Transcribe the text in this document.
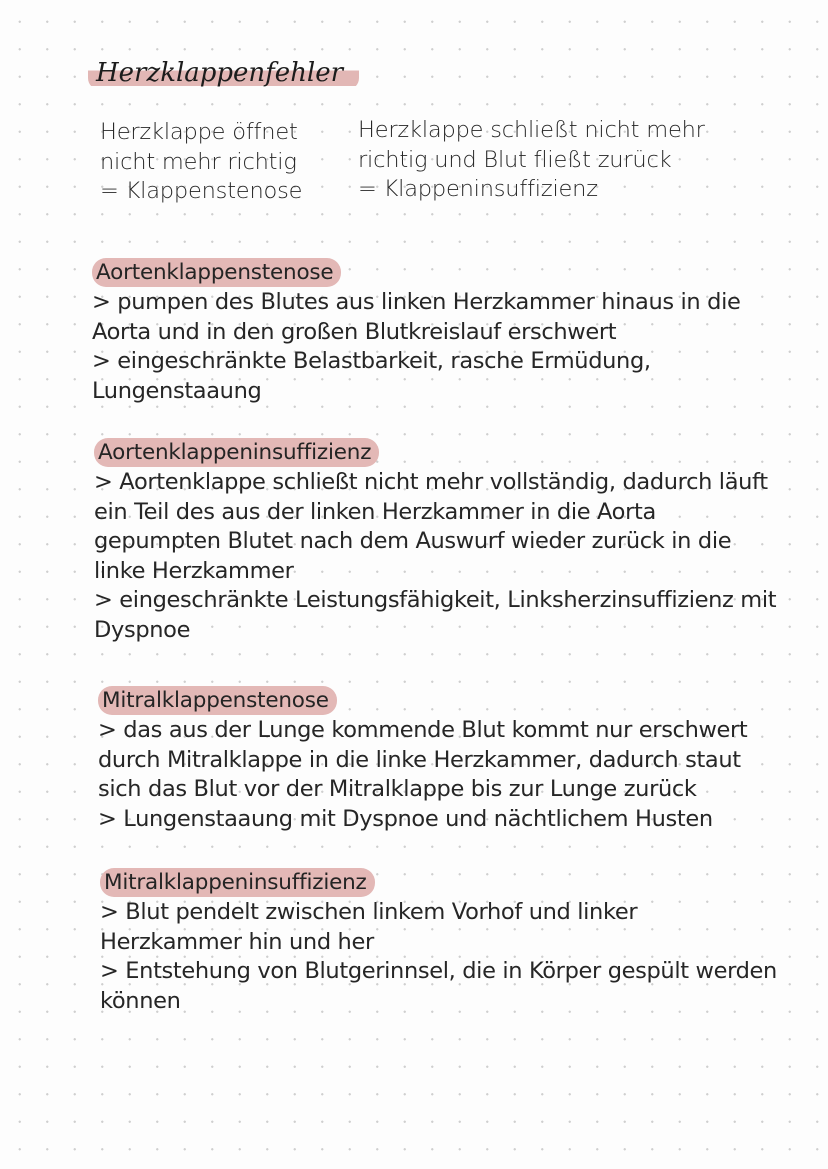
Herzklappenfehler
Herzklappe öffnet
nicht mehr richtig
= Klappenstenose
Herzklappe schließt nicht mehr
richtig und Blut fließt zurück
= Klappeninsuffizienz
Aortenklappenstenose
> pumpen des Blutes aus linken Herzkammer hinaus in die
Aorta und in den großen Blutkreislauf erschwert
> eingeschränkte Belastbarkeit, rasche Ermüdung,
Lungenstaaung
Aortenklappeninsuffizienz
> Aortenklappe schließt nicht mehr vollständig, dadurch läuft
ein Teil des aus der linken Herzkammer in die Aorta
gepumpten Blutet nach dem Auswurf wieder zurück in die
linke Herzkammer
> eingeschränkte Leistungsfähigkeit, Linksherzinsuffizienz mit
Dyspnoe
Mitralklappenstenose
> das aus der Lunge kommende Blut kommt nur erschwert
durch Mitralklappe in die linke Herzkammer, dadurch staut
sich das Blut vor der Mitralklappe bis zur Lunge zurück
> Lungenstaaung mit Dyspnoe und nächtlichem Husten
Mitralklappeninsuffizienz
> Blut pendelt zwischen linkem Vorhof und linker
Herzkammer hin und her
> Entstehung von Blutgerinnsel, die in Körper gespült werden
können
